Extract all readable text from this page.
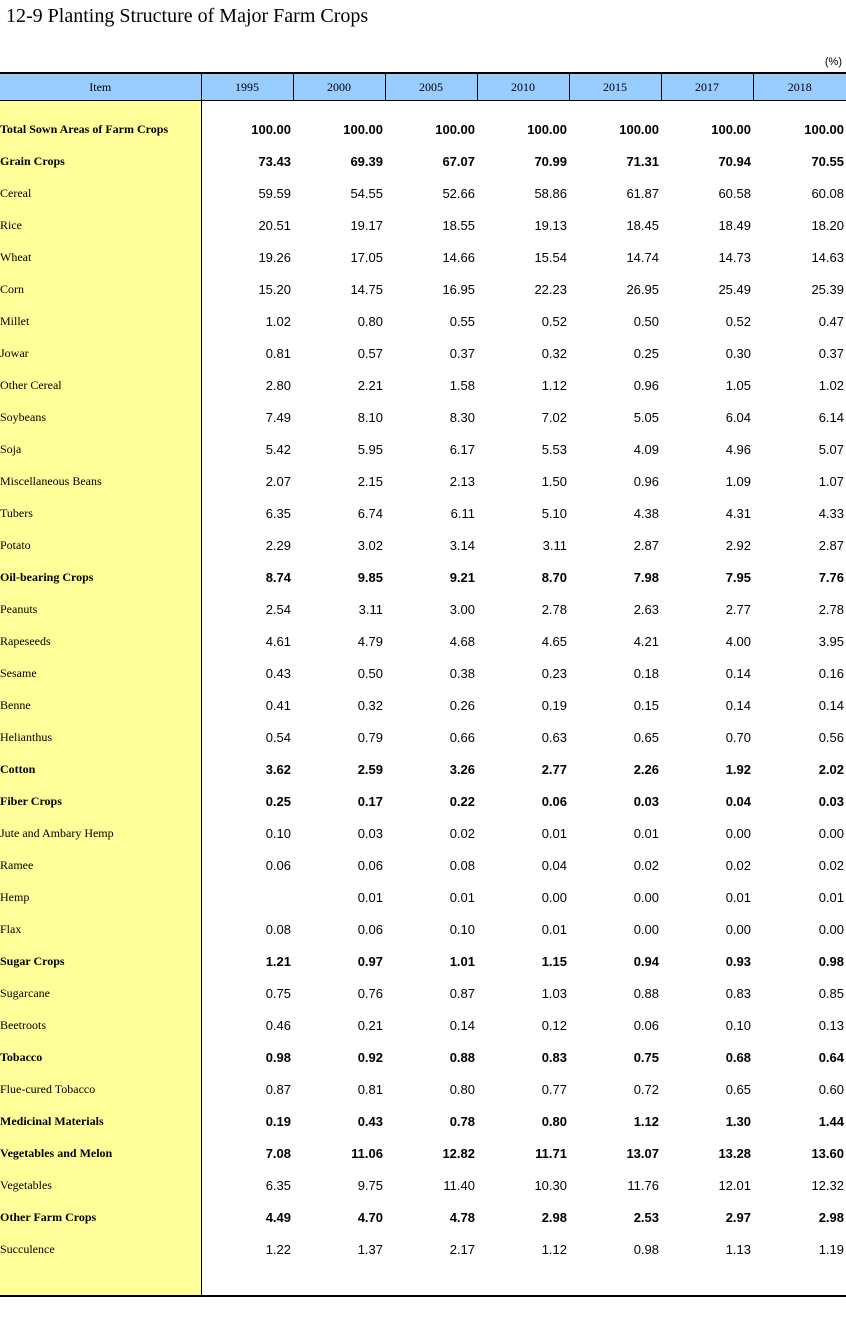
12-9 Planting Structure of Major Farm Crops
(%)
Item	1995	2000	2005	2010	2015	2017	2018

Total Sown Areas of Farm Crops	100.00	100.00	100.00	100.00	100.00	100.00	100.00
Grain Crops	73.43	69.39	67.07	70.99	71.31	70.94	70.55
Cereal	59.59	54.55	52.66	58.86	61.87	60.58	60.08
Rice	20.51	19.17	18.55	19.13	18.45	18.49	18.20
Wheat	19.26	17.05	14.66	15.54	14.74	14.73	14.63
Corn	15.20	14.75	16.95	22.23	26.95	25.49	25.39
Millet	1.02	0.80	0.55	0.52	0.50	0.52	0.47
Jowar	0.81	0.57	0.37	0.32	0.25	0.30	0.37
Other Cereal	2.80	2.21	1.58	1.12	0.96	1.05	1.02
Soybeans	7.49	8.10	8.30	7.02	5.05	6.04	6.14
Soja	5.42	5.95	6.17	5.53	4.09	4.96	5.07
Miscellaneous Beans	2.07	2.15	2.13	1.50	0.96	1.09	1.07
Tubers	6.35	6.74	6.11	5.10	4.38	4.31	4.33
Potato	2.29	3.02	3.14	3.11	2.87	2.92	2.87
Oil-bearing Crops	8.74	9.85	9.21	8.70	7.98	7.95	7.76
Peanuts	2.54	3.11	3.00	2.78	2.63	2.77	2.78
Rapeseeds	4.61	4.79	4.68	4.65	4.21	4.00	3.95
Sesame	0.43	0.50	0.38	0.23	0.18	0.14	0.16
Benne	0.41	0.32	0.26	0.19	0.15	0.14	0.14
Helianthus	0.54	0.79	0.66	0.63	0.65	0.70	0.56
Cotton	3.62	2.59	3.26	2.77	2.26	1.92	2.02
Fiber Crops	0.25	0.17	0.22	0.06	0.03	0.04	0.03
Jute and Ambary Hemp	0.10	0.03	0.02	0.01	0.01	0.00	0.00
Ramee	0.06	0.06	0.08	0.04	0.02	0.02	0.02
Hemp		0.01	0.01	0.00	0.00	0.01	0.01
Flax	0.08	0.06	0.10	0.01	0.00	0.00	0.00
Sugar Crops	1.21	0.97	1.01	1.15	0.94	0.93	0.98
Sugarcane	0.75	0.76	0.87	1.03	0.88	0.83	0.85
Beetroots	0.46	0.21	0.14	0.12	0.06	0.10	0.13
Tobacco	0.98	0.92	0.88	0.83	0.75	0.68	0.64
Flue-cured Tobacco	0.87	0.81	0.80	0.77	0.72	0.65	0.60
Medicinal Materials	0.19	0.43	0.78	0.80	1.12	1.30	1.44
Vegetables and Melon	7.08	11.06	12.82	11.71	13.07	13.28	13.60
Vegetables	6.35	9.75	11.40	10.30	11.76	12.01	12.32
Other Farm Crops	4.49	4.70	4.78	2.98	2.53	2.97	2.98
Succulence	1.22	1.37	2.17	1.12	0.98	1.13	1.19
